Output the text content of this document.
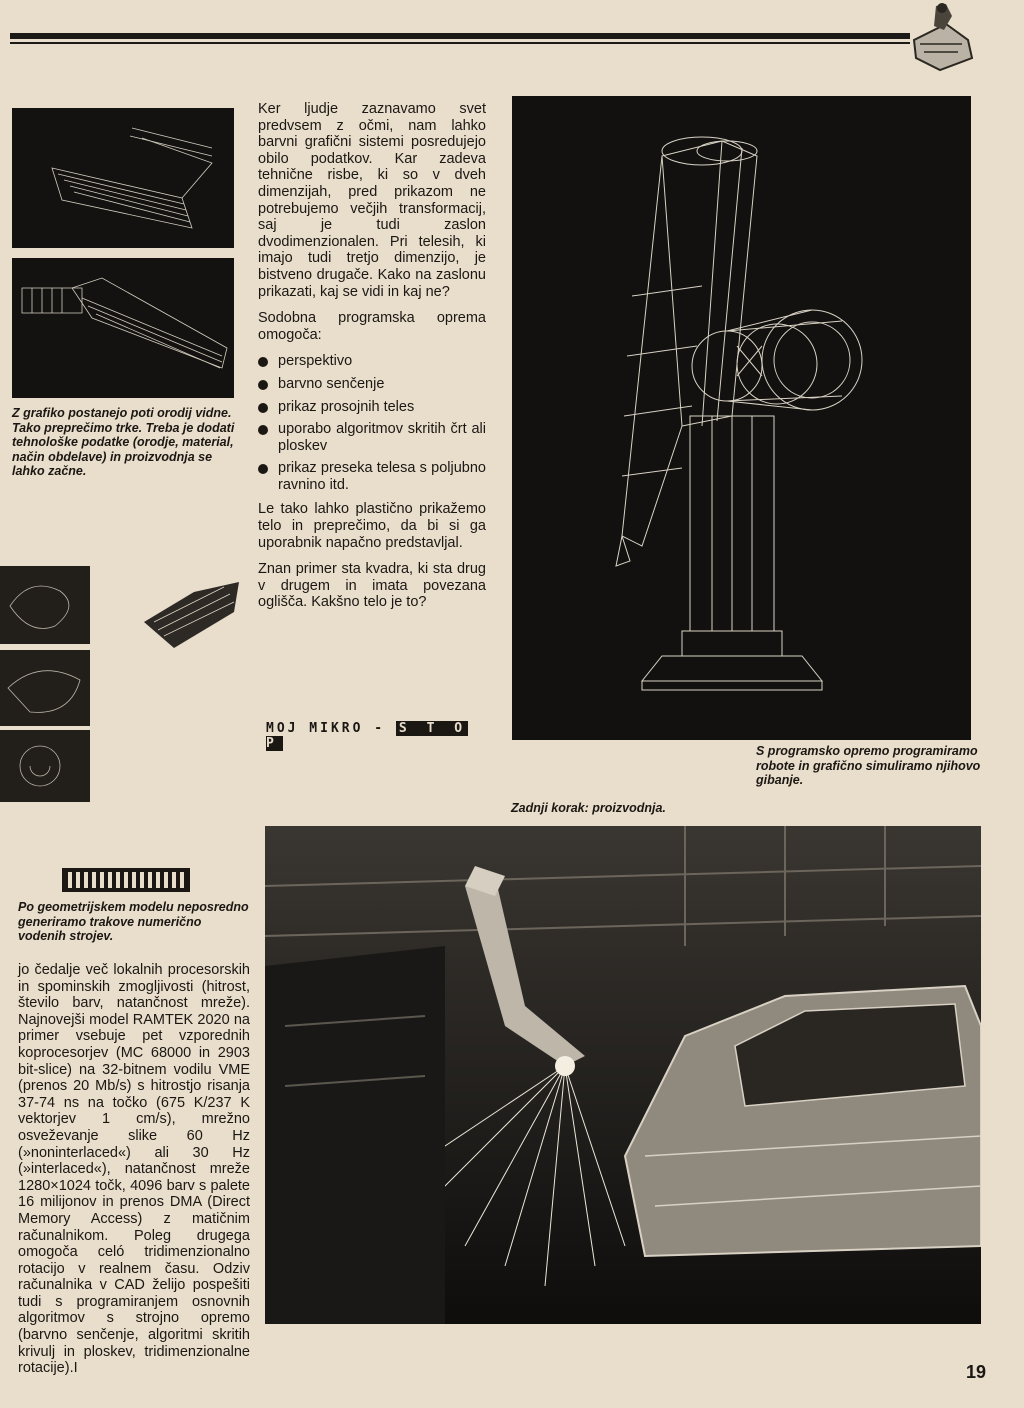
Z grafiko postanejo poti orodij vidne. Tako preprečimo trke. Treba je dodati tehnološke podatke (orodje, material, način obdelave) in proizvodnja se lahko začne.

Ker ljudje zaznavamo svet predvsem z očmi, nam lahko barvni grafični sistemi posredujejo obilo podatkov. Kar zadeva tehnične risbe, ki so v dveh dimenzijah, pred prikazom ne potrebujemo večjih transformacij, saj je tudi zaslon dvodimenzionalen. Pri telesih, ki imajo tudi tretjo dimenzijo, je bistveno drugače. Kako na zaslonu prikazati, kaj se vidi in kaj ne?

Sodobna programska oprema omogoča:

perspektivo
barvno senčenje
prikaz prosojnih teles
uporabo algoritmov skritih črt ali ploskev
prikaz preseka telesa s poljubno ravnino itd.

Le tako lahko plastično prikažemo telo in preprečimo, da bi si ga uporabnik napačno predstavljal.

Znan primer sta kvadra, ki sta drug v drugem in imata povezana oglišča. Kakšno telo je to?

MOJ MIKRO - S T O P	S programsko opremo programiramo robote in grafično simuliramo njihovo gibanje.
Zadnji korak: proizvodnja.
Po geometrijskem modelu neposredno generiramo trakove numerično vodenih strojev.

jo čedalje več lokalnih procesorskih in spominskih zmogljivosti (hitrost, število barv, natančnost mreže). Najnovejši model RAMTEK 2020 na primer vsebuje pet vzporednih koprocesorjev (MC 68000 in 2903 bit-slice) na 32-bitnem vodilu VME (prenos 20 Mb/s) s hitrostjo risanja 37-74 ns na točko (675 K/237 K vektorjev 1 cm/s), mrežno osveževanje slike 60 Hz (»noninterlaced«) ali 30 Hz (»interlaced«), natančnost mreže 1280×1024 točk, 4096 barv s palete 16 milijonov in prenos DMA (Direct Memory Access) z matičnim računalnikom. Poleg drugega omogoča celó tridimenzionalno rotacijo v realnem času. Odziv računalnika v CAD želijo pospešiti tudi s programiranjem osnovnih algoritmov s strojno opremo (barvno senčenje, algoritmi skritih krivulj in ploskev, tridimenzionalne rotacije).I	19
